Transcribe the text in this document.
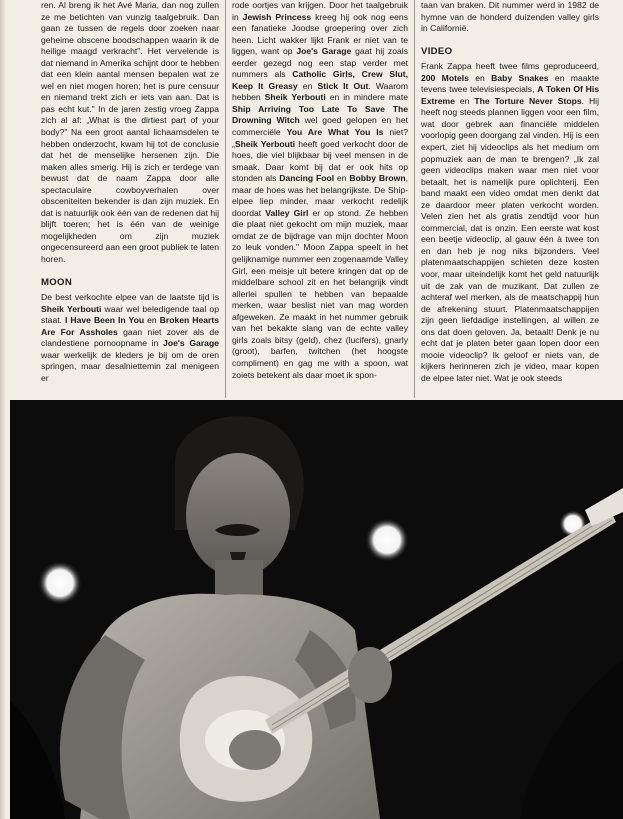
ren. Al breng ik het Avé Maria, dan nog zullen ze me betichten van vunzig taalgebruik. Dan gaan ze tussen de regels door zoeken naar geheime obscene boodschappen waarin ik de heilige maagd verkracht". Het vervelende is dat niemand in Amerika schijnt door te hebben dat een klein aantal mensen bepalen wat ze wel en niet mogen horen; het is pure censuur en niemand trekt zich er iets van aan. Dat is pas echt kut." In de jaren zestig vroeg Zappa zich al af: „What is the dirtiest part of your body?" Na een groot aantal lichaamsdelen te hebben onderzocht, kwam hij tot de conclusie dat het de menselijke hersenen zijn. Die maken alles smerig. Hij is zich er terdege van bewust dat de naam Zappa door alle spectaculaire cowboyverhalen over obsceniteiten bekender is dan zijn muziek. En dat is natuurlijk ook één van de redenen dat hij blijft toeren; het is één van de weinige mogelijkheden om zijn muziek ongecensureerd aan een groot publiek te laten horen.

MOON

De best verkochte elpee van de laatste tijd is Sheik Yerbouti waar wel beledigende taal op staat. I Have Been In You en Broken Hearts Are For Assholes gaan niet zover als de clandestiene pornoopname in Joe's Garage waar werkelijk de kleders je bij om de oren springen, maar desalniettemin zal menigeen er

rode oortjes van krijgen. Door het taalgebruik in Jewish Princess kreeg hij ook nog eens een fanatieke Joodse groepering over zich heen. Licht wakker lijkt Frank er niet van te liggen, want op Joe's Garage gaat hij zoals eerder gezegd nog een stap verder met nummers als Catholic Girls, Crew Slut, Keep It Greasy en Stick It Out. Waarom hebben Sheik Yerbouti en in mindere mate Ship Arriving Too Late To Save The Drowning Witch wel goed gelopen en het commerciële You Are What You Is niet? „Sheik Yerbouti heeft goed verkocht door de hoes, die viel blijkbaar bij veel mensen in de smaak. Daar komt bij dat er ook hits op stonden als Dancing Fool en Bobby Brown, maar de hoes was het belangrijkste. De Ship-elpee liep minder, maar verkocht redelijk doordat Valley Girl er op stond. Ze hebben die plaat niet gekocht om mijn muziek, maar omdat ze de bijdrage van mijn dochter Moon zo leuk vonden." Moon Zappa speelt in het gelijknamige nummer een zogenaamde Valley Girl, een meisje uit betere kringen dat op de middelbare school zit en het belangrijk vindt allerlei spullen te hebben van bepaalde merken, waar beslist niet van mag worden afgeweken. Ze maakt in het nummer gebruik van het bekakte slang van de echte valley girls zoals bitsy (geld), chez (lucifers), gnarly (groot), barfen, twitchen (het hoogste compliment) en gag me with a spoon, wat zoiets betekent als daar moet ik spon-

taan van braken. Dit nummer werd in 1982 de hymne van de honderd duizenden valley girls in Californië.

VIDEO

Frank Zappa heeft twee films geproduceerd, 200 Motels en Baby Snakes en maakte tevens twee televisiespecials, A Token Of His Extreme en The Torture Never Stops. Hij heeft nog steeds plannen liggen voor een film, wat door gebrek aan financiële middelen voorlopig geen doorgang zal vinden. Hij is een expert, ziet hij videoclips als het medium om popmuziek aan de man te brengen? „Ik zal geen videoclips maken waar men niet voor betaalt, het is namelijk pure oplichterij. Een band maakt een video omdat men denkt dat ze daardoor meer platen verkocht worden. Velen zien het als gratis zendtijd voor hun commercial, dat is onzin. Een eerste wat kost een beetje videoclip, al gauw één à twee ton en dan heb je nog niks bijzonders. Veel platenmaatschappijen schieten deze kosten voor, maar uiteindelijk komt het geld natuurlijk uit de zak van de muzikant. Dat zullen ze achteraf wel merken, als de maatschappij hun de afrekening stuurt. Platenmaatschappijen zijn geen liefdadige instellingen, al willen ze ons dat doen geloven. Ja, betaalt! Denk je nu echt dat je platen beter gaan lopen door een mooie videoclip? Ik geloof er niets van, de kijkers herinneren zich je video, maar kopen de elpee later niet. Wat je ook steeds
